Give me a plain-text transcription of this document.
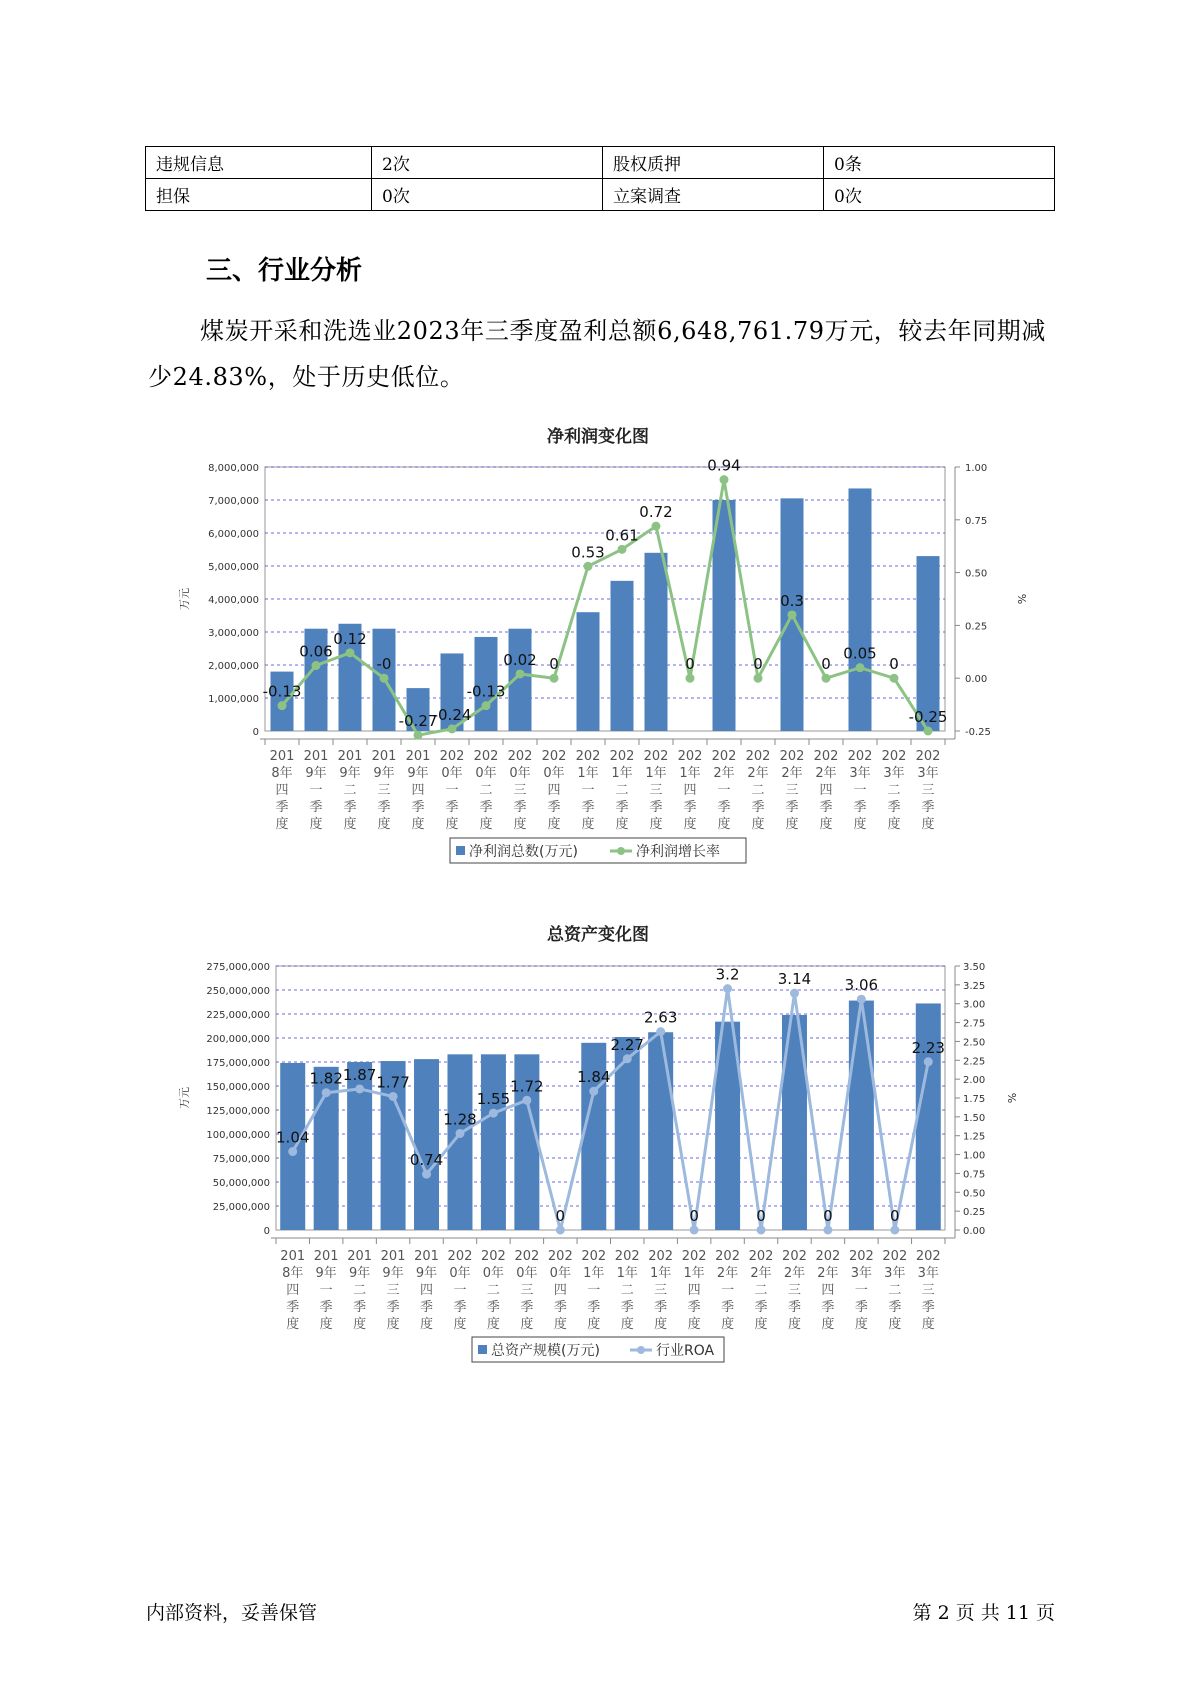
违规信息	2次	股权质押	0条
担保	0次	立案调查	0次
三、行业分析

煤炭开采和洗选业2023年三季度盈利总额6,648,761.79万元，较去年同期减少24.83%，处于历史低位。

净利润变化图
0
1,000,000
2,000,000
3,000,000
4,000,000
5,000,000
6,000,000
7,000,000
8,000,000
-0.25
0.00
0.25
0.50
0.75
1.00
万元	%
-0.13
0.06
0.12
-0
-0.27
-0.24
-0.13
0.02 0
0.53
0.61
0.72
0
0.94
0
0.3
0
0.05
0
-0.25
201
8年
四
季
度
201
9年
一
季
度
201
9年
二
季
度
201
9年
三
季
度
201
9年
四
季
度
202
0年
一
季
度
202
0年
二
季
度
202
0年
三
季
度
202
0年
四
季
度
202
1年
一
季
度
202
1年
二
季
度
202
1年
三
季
度
202
1年
四
季
度
202
2年
一
季
度
202
2年
二
季
度
202
2年
三
季
度
202
2年
四
季
度
202
3年
一
季
度
202
3年
二
季
度
202
3年
三
季
度
净利润总数(万元)	净利润增长率
总资产变化图
0
25,000,000
50,000,000
75,000,000
100,000,000
125,000,000
150,000,000
175,000,000
200,000,000
225,000,000
250,000,000
275,000,000
0.00
0.25
0.50
0.75
1.00
1.25
1.50
1.75
2.00
2.25
2.50
2.75
3.00
3.25
3.50
万元	%
1.04
1.82 1.87 1.77
0.74
1.28
1.55
1.72
0
1.84
2.27
2.63
0
3.2
0
3.14
0
3.06
0
2.23
201
8年
四
季
度
201
9年
一
季
度
201
9年
二
季
度
201
9年
三
季
度
201
9年
四
季
度
202
0年
一
季
度
202
0年
二
季
度
202
0年
三
季
度
202
0年
四
季
度
202
1年
一
季
度
202
1年
二
季
度
202
1年
三
季
度
202
1年
四
季
度
202
2年
一
季
度
202
2年
二
季
度
202
2年
三
季
度
202
2年
四
季
度
202
3年
一
季
度
202
3年
二
季
度
202
3年
三
季
度
总资产规模(万元)	行业ROA
内部资料，妥善保管	第 2 页 共 11 页
